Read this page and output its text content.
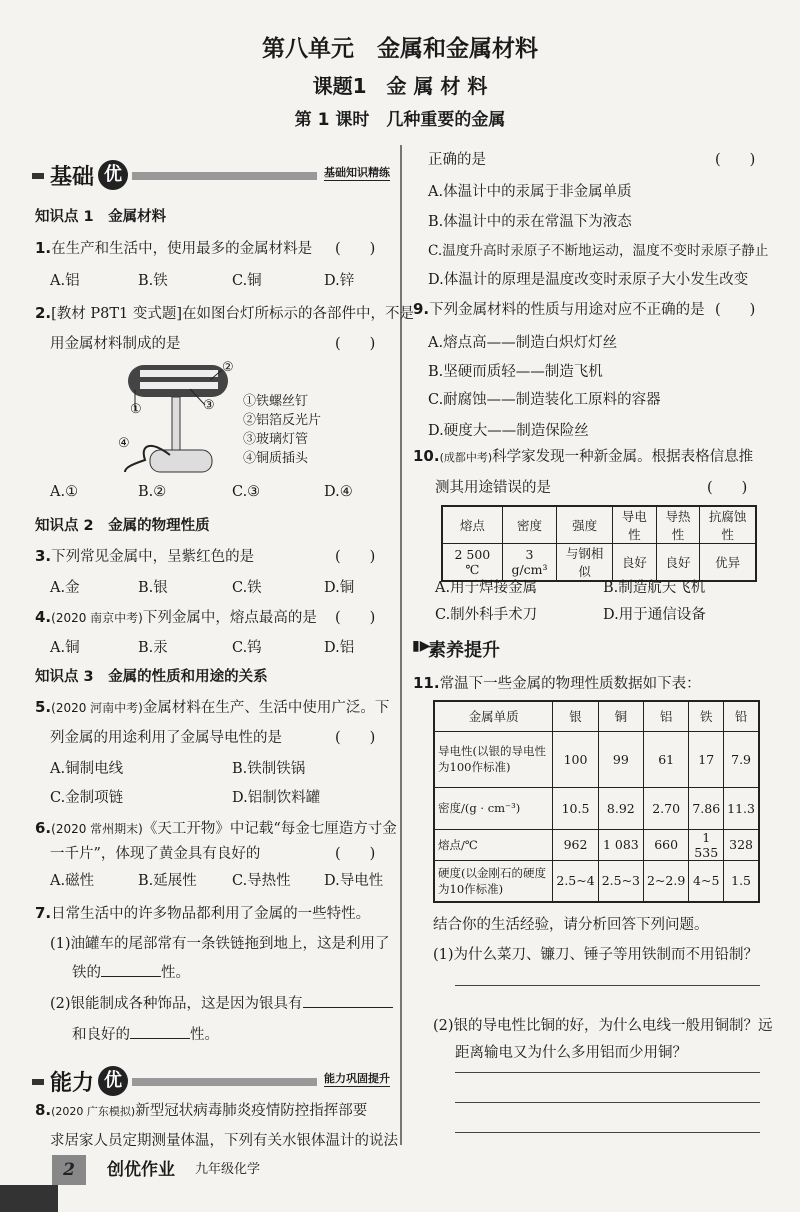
第八单元　金属和金属材料
课题1　金 属 材 料
第 1 课时　几种重要的金属
基础 优	基础知识精练
知识点 1　金属材料
1.在生产和生活中，使用最多的金属材料是 (　　)
A.铝	B.铁	C.铜	D.锌
2.[教材 P8T1 变式题]在如图台灯所标示的各部件中，不是
用金属材料制成的是	(　　)
②
①	③
④
①铁螺丝钉
②铝箔反光片
③玻璃灯管
④铜质插头
A.①	B.②	C.③	D.④
知识点 2　金属的物理性质
3.下列常见金属中，呈紫红色的是	(　　)
A.金	B.银	C.铁	D.铜
4.(2020 南京中考)下列金属中，熔点最高的是 (　　)
A.铜	B.汞	C.钨	D.铝
知识点 3　金属的性质和用途的关系
5.(2020 河南中考)金属材料在生产、生活中使用广泛。下
列金属的用途利用了金属导电性的是	(　　)
A.铜制电线	B.铁制铁锅
C.金制项链	D.铝制饮料罐
6.(2020 常州期末)《天工开物》中记载“每金七厘造方寸金
一千片”，体现了黄金具有良好的	(　　)
A.磁性	B.延展性 C.导热性 D.导电性
7.日常生活中的许多物品都利用了金属的一些特性。
(1)油罐车的尾部常有一条铁链拖到地上，这是利用了
铁的	性。
(2)银能制成各种饰品，这是因为银具有
和良好的	性。
能力 优	能力巩固提升
8.(2020 广东模拟)新型冠状病毒肺炎疫情防控指挥部要
求居家人员定期测量体温，下列有关水银体温计的说法
2	创优作业 九年级化学
正确的是	(　　)
A.体温计中的汞属于非金属单质
B.体温计中的汞在常温下为液态
C.温度升高时汞原子不断地运动，温度不变时汞原子静止
D.体温计的原理是温度改变时汞原子大小发生改变
9.下列金属材料的性质与用途对应不正确的是 (　　)
A.熔点高——制造白炽灯灯丝
B.坚硬而质轻——制造飞机
C.耐腐蚀——制造装化工原料的容器
D.硬度大——制造保险丝
10.(成都中考)科学家发现一种新金属。根据表格信息推
测其用途错误的是	(　　)
熔点	密度	强度	导电性	导热性	抗腐蚀性
2 500 ℃	3 g/cm³	与钢相似	良好	良好	优异
A.用于焊接金属	B.制造航天飞机
C.制外科手术刀	D.用于通信设备
▮▶
素养提升
11.常温下一些金属的物理性质数据如下表：
金属单质	银	铜	铝	铁	铅
导电性(以银的导电性为100作标准)	100	99	61	17	7.9
密度/(g · cm⁻³)	10.5	8.92	2.70	7.86	11.3
熔点/℃	962	1 083	660	1 535	328
硬度(以金刚石的硬度为10作标准)	2.5~4	2.5~3	2~2.9	4~5	1.5
结合你的生活经验，请分析回答下列问题。
(1)为什么菜刀、镰刀、锤子等用铁制而不用铅制？
(2)银的导电性比铜的好，为什么电线一般用铜制？远
距离输电又为什么多用铝而少用铜？
